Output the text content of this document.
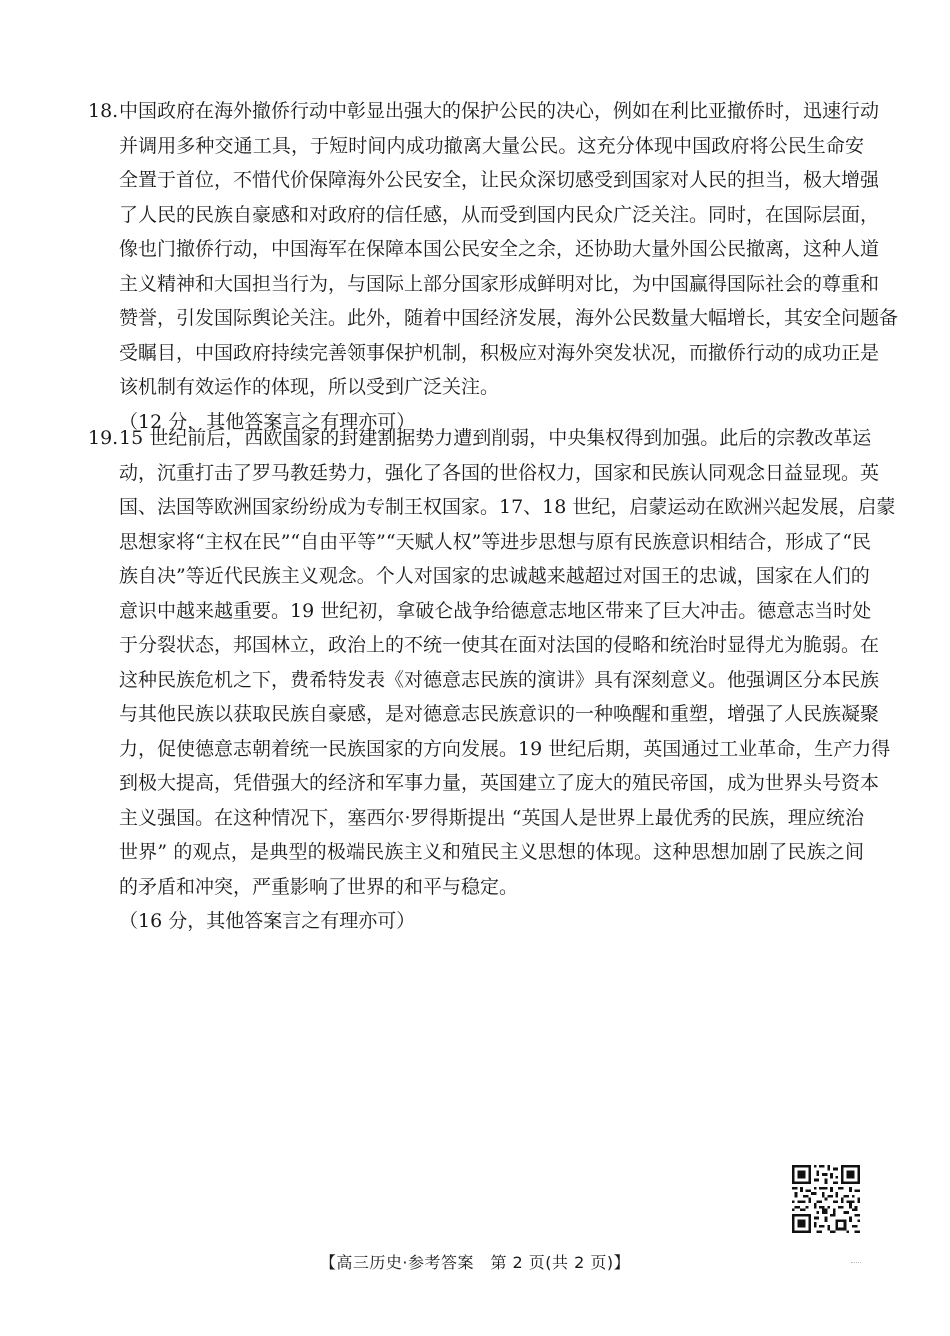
18. 中国政府在海外撤侨行动中彰显出强大的保护公民的决心，例如在利比亚撤侨时，迅速行动
并调用多种交通工具，于短时间内成功撤离大量公民。这充分体现中国政府将公民生命安
全置于首位，不惜代价保障海外公民安全，让民众深切感受到国家对人民的担当，极大增强
了人民的民族自豪感和对政府的信任感，从而受到国内民众广泛关注。同时，在国际层面，
像也门撤侨行动，中国海军在保障本国公民安全之余，还协助大量外国公民撤离，这种人道
主义精神和大国担当行为，与国际上部分国家形成鲜明对比，为中国赢得国际社会的尊重和
赞誉，引发国际舆论关注。此外，随着中国经济发展，海外公民数量大幅增长，其安全问题备
受瞩目，中国政府持续完善领事保护机制，积极应对海外突发状况，而撤侨行动的成功正是
该机制有效运作的体现，所以受到广泛关注。
（12 分，其他答案言之有理亦可）
19. 15 世纪前后，西欧国家的封建割据势力遭到削弱，中央集权得到加强。此后的宗教改革运
动，沉重打击了罗马教廷势力，强化了各国的世俗权力，国家和民族认同观念日益显现。英
国、法国等欧洲国家纷纷成为专制王权国家。17、18 世纪，启蒙运动在欧洲兴起发展，启蒙
思想家将“主权在民”“自由平等”“天赋人权”等进步思想与原有民族意识相结合，形成了“民
族自决”等近代民族主义观念。个人对国家的忠诚越来越超过对国王的忠诚，国家在人们的
意识中越来越重要。19 世纪初，拿破仑战争给德意志地区带来了巨大冲击。德意志当时处
于分裂状态，邦国林立，政治上的不统一使其在面对法国的侵略和统治时显得尤为脆弱。在
这种民族危机之下，费希特发表《对德意志民族的演讲》具有深刻意义。他强调区分本民族
与其他民族以获取民族自豪感，是对德意志民族意识的一种唤醒和重塑，增强了人民族凝聚
力，促使德意志朝着统一民族国家的方向发展。19 世纪后期，英国通过工业革命，生产力得
到极大提高，凭借强大的经济和军事力量，英国建立了庞大的殖民帝国，成为世界头号资本
主义强国。在这种情况下，塞西尔·罗得斯提出 “英国人是世界上最优秀的民族，理应统治
世界” 的观点，是典型的极端民族主义和殖民主义思想的体现。这种思想加剧了民族之间
的矛盾和冲突，严重影响了世界的和平与稳定。
（16 分，其他答案言之有理亦可）
【高三历史·参考答案　第 2 页(共 2 页)】
